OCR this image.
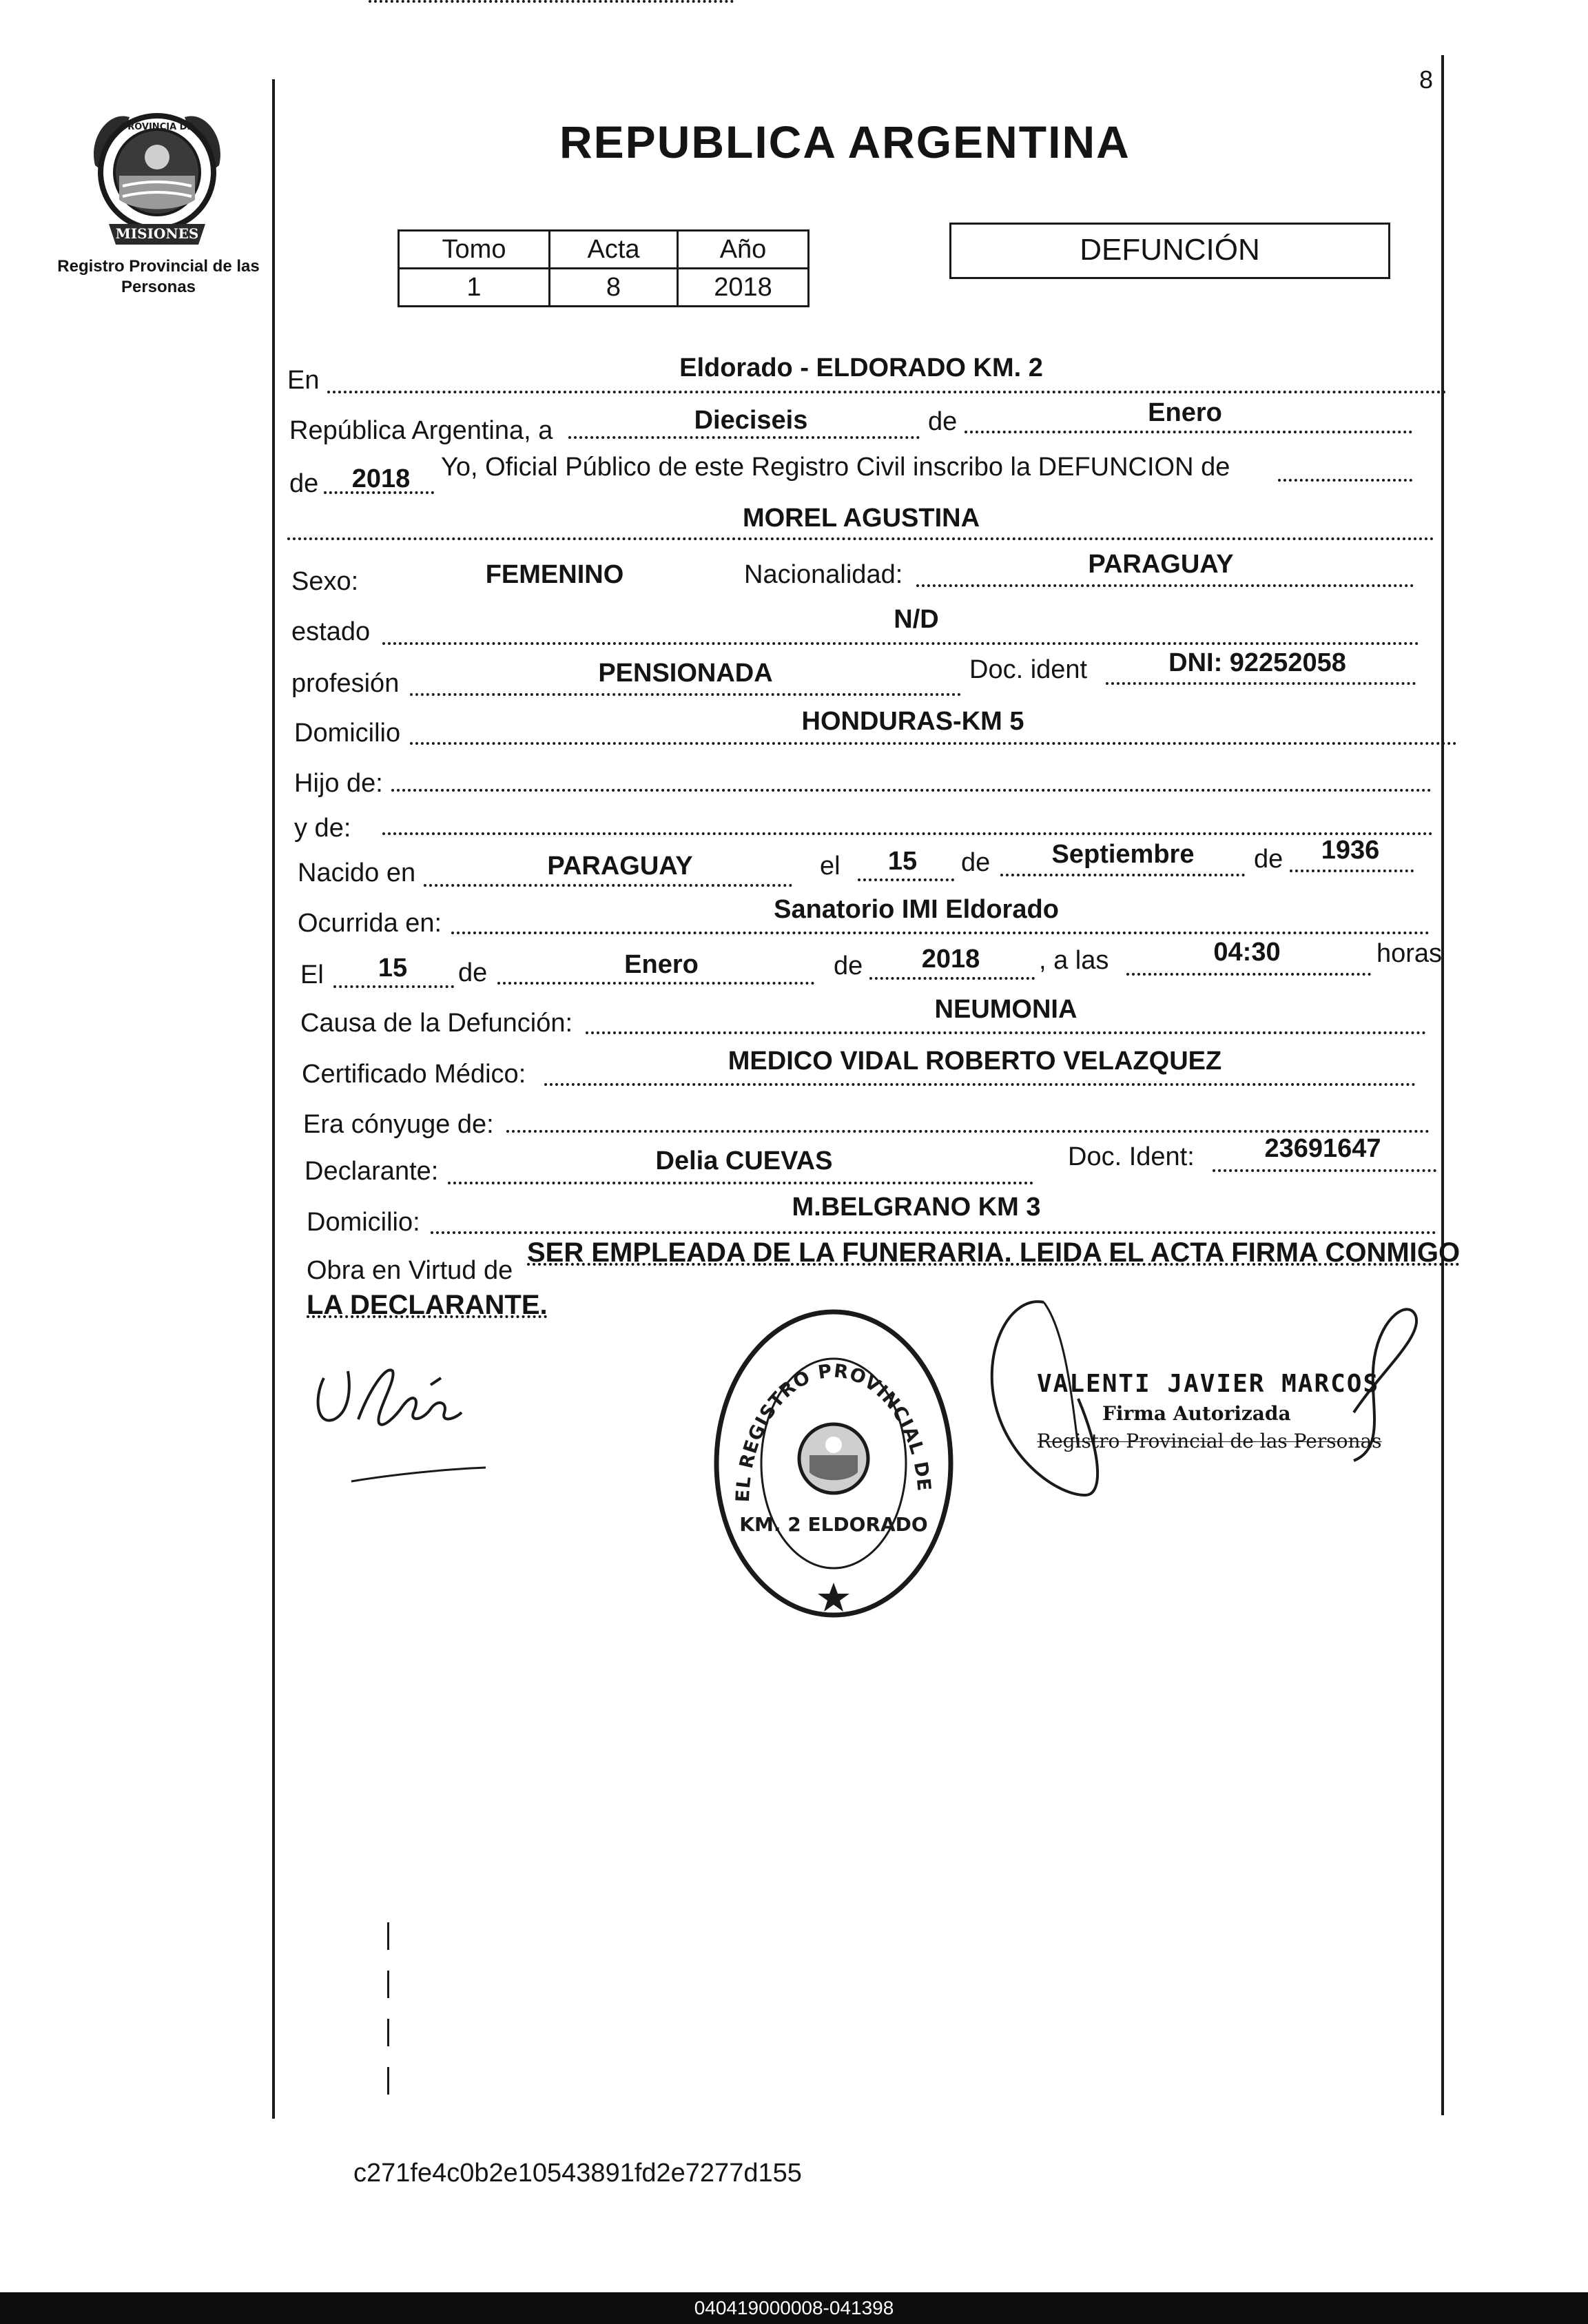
MISIONES
PROVINCIA DE
Registro Provincial de las Personas
8
REPUBLICA ARGENTINA
Tomo	Acta	Año
1	8	2018
DEFUNCIÓN
En	Eldorado - ELDORADO KM. 2
República Argentina, a	Dieciseis	de	Enero
de	2018	Yo, Oficial Público de este Registro Civil inscribo la DEFUNCION de
MOREL AGUSTINA
Sexo:	FEMENINO	Nacionalidad:	PARAGUAY
estado	N/D
profesión	PENSIONADA	Doc. ident	DNI: 92252058
Domicilio	HONDURAS-KM 5
Hijo de:
y de:
Nacido en	PARAGUAY	el	15	de	Septiembre	de	1936
Ocurrida en:	Sanatorio IMI Eldorado
El	15	de	Enero	de	2018	, a las	04:30	horas
Causa de la Defunción:	NEUMONIA
Certificado Médico:	MEDICO VIDAL ROBERTO VELAZQUEZ
Era cónyuge de:
Declarante:	Delia CUEVAS	Doc. Ident:	23691647
Domicilio:
M.BELGRANO KM 3
Obra en Virtud de
SER EMPLEADA DE LA FUNERARIA. LEIDA EL ACTA FIRMA CONMIGO
LA DECLARANTE.
EL REGISTRO PROVINCIAL DE
KM. 2 ELDORADO
VALENTI JAVIER MARCOS
Firma Autorizada
Registro Provincial de las Personas
c271fe4c0b2e10543891fd2e7277d155
040419000008-041398
